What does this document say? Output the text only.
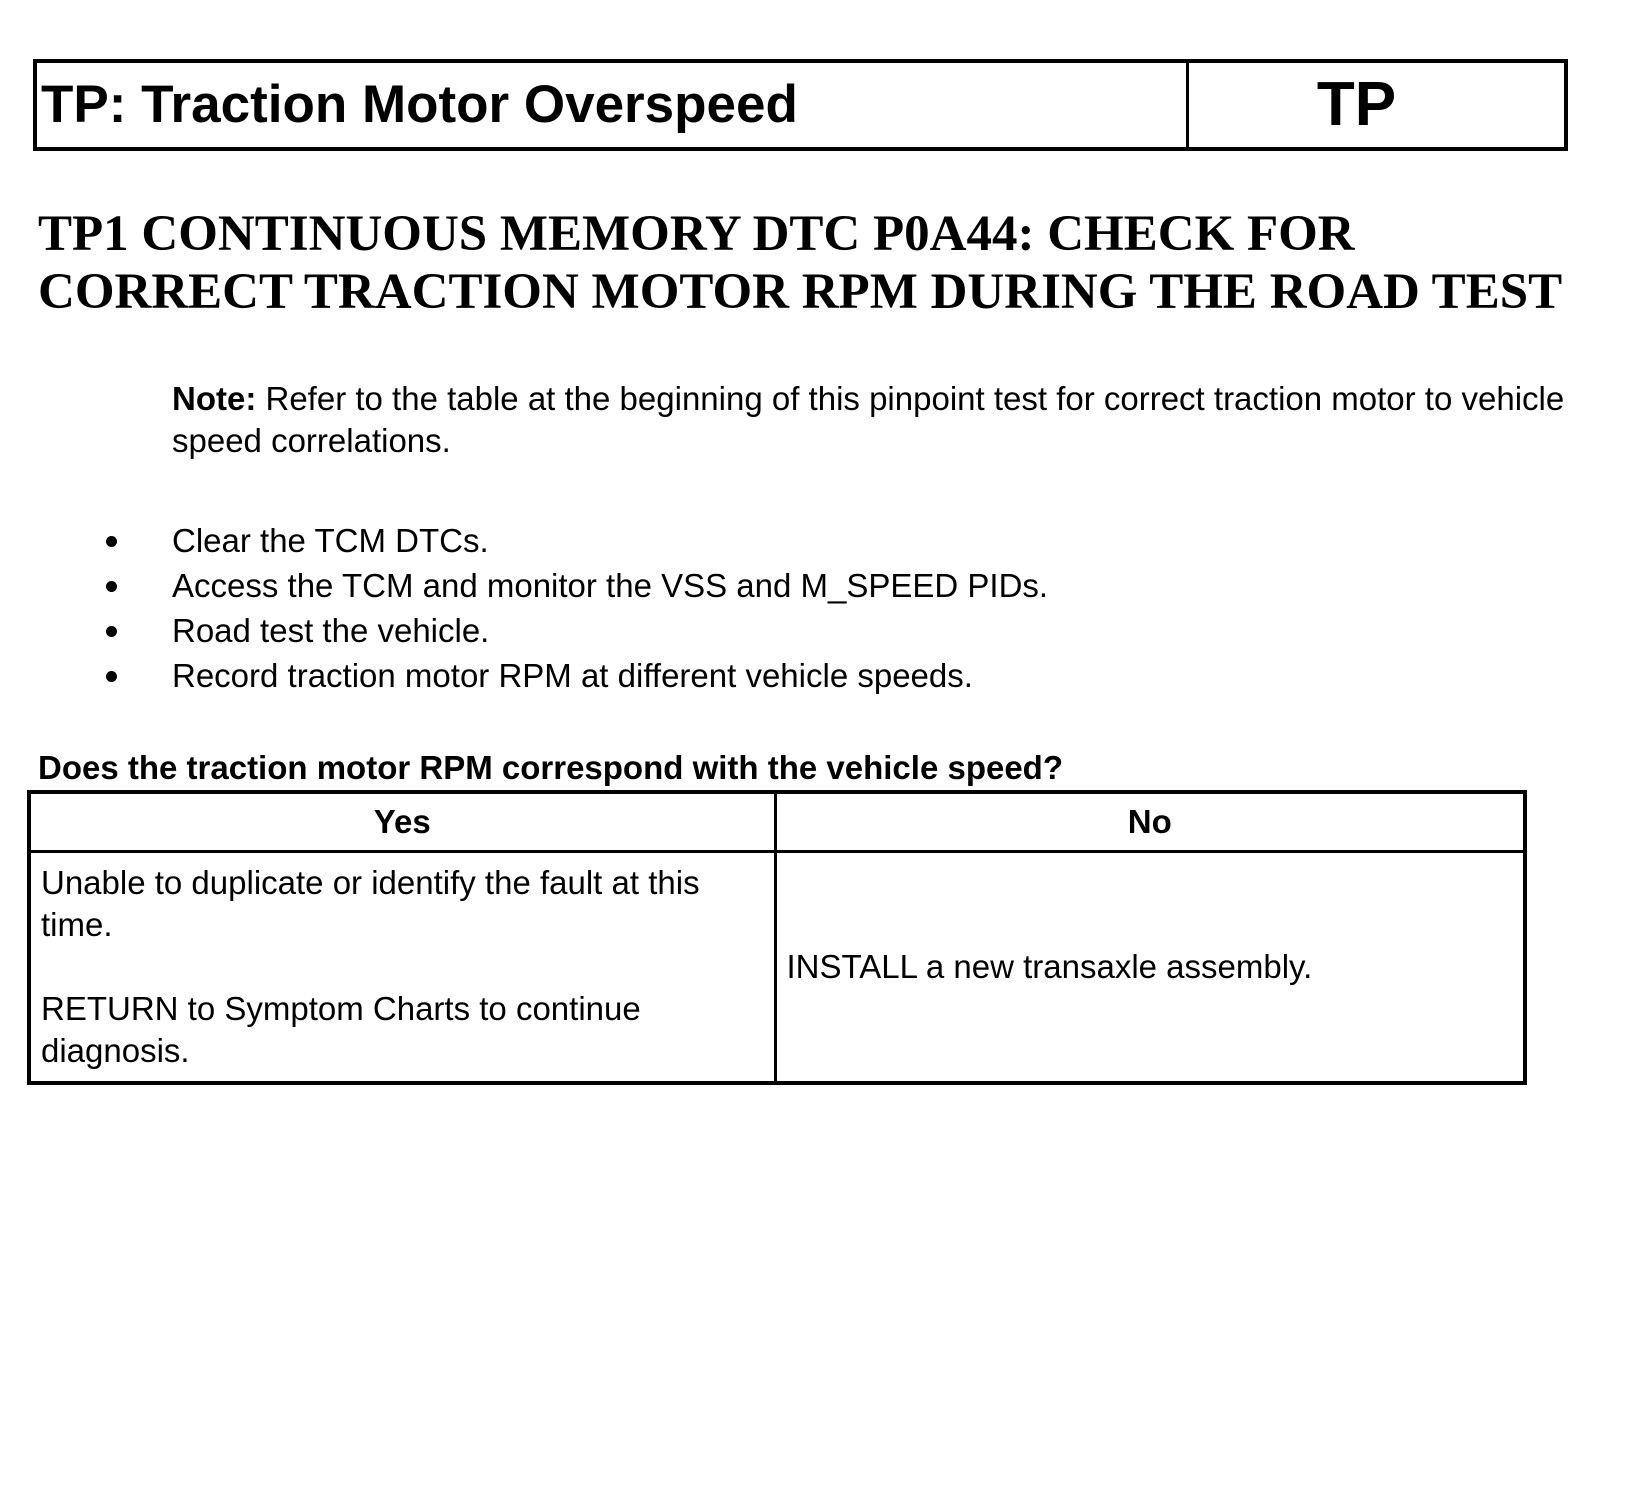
TP: Traction Motor Overspeed	TP
TP1 CONTINUOUS MEMORY DTC P0A44: CHECK FOR CORRECT TRACTION MOTOR RPM DURING THE ROAD TEST

Note: Refer to the table at the beginning of this pinpoint test for correct traction motor to vehicle speed correlations.

Clear the TCM DTCs.
Access the TCM and monitor the VSS and M_SPEED PIDs.
Road test the vehicle.
Record traction motor RPM at different vehicle speeds.

Does the traction motor RPM correspond with the vehicle speed?

Yes	No

Unable to duplicate or identify the fault at this time.

RETURN to Symptom Charts to continue diagnosis.	INSTALL a new transaxle assembly.
